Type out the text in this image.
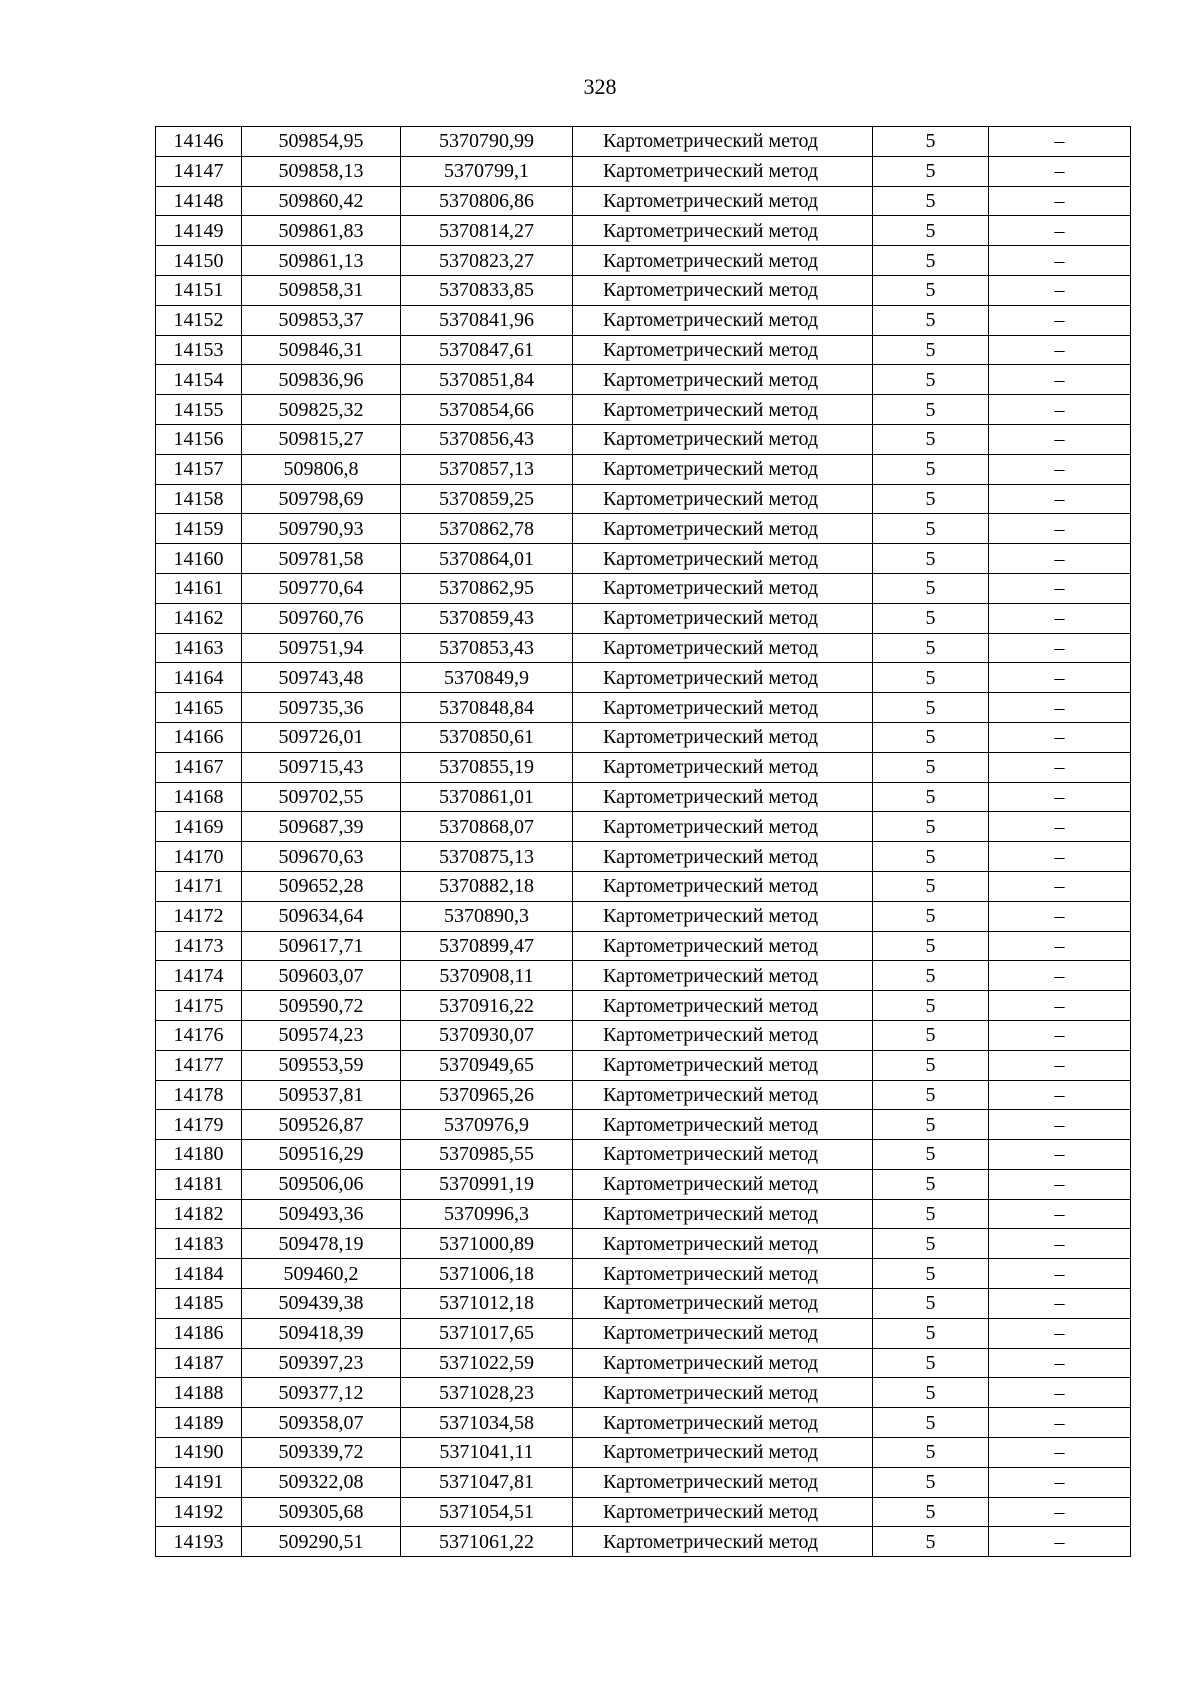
328
14146	509854,95	5370790,99	Картометрический метод	5	–
14147	509858,13	5370799,1	Картометрический метод	5	–
14148	509860,42	5370806,86	Картометрический метод	5	–
14149	509861,83	5370814,27	Картометрический метод	5	–
14150	509861,13	5370823,27	Картометрический метод	5	–
14151	509858,31	5370833,85	Картометрический метод	5	–
14152	509853,37	5370841,96	Картометрический метод	5	–
14153	509846,31	5370847,61	Картометрический метод	5	–
14154	509836,96	5370851,84	Картометрический метод	5	–
14155	509825,32	5370854,66	Картометрический метод	5	–
14156	509815,27	5370856,43	Картометрический метод	5	–
14157	509806,8	5370857,13	Картометрический метод	5	–
14158	509798,69	5370859,25	Картометрический метод	5	–
14159	509790,93	5370862,78	Картометрический метод	5	–
14160	509781,58	5370864,01	Картометрический метод	5	–
14161	509770,64	5370862,95	Картометрический метод	5	–
14162	509760,76	5370859,43	Картометрический метод	5	–
14163	509751,94	5370853,43	Картометрический метод	5	–
14164	509743,48	5370849,9	Картометрический метод	5	–
14165	509735,36	5370848,84	Картометрический метод	5	–
14166	509726,01	5370850,61	Картометрический метод	5	–
14167	509715,43	5370855,19	Картометрический метод	5	–
14168	509702,55	5370861,01	Картометрический метод	5	–
14169	509687,39	5370868,07	Картометрический метод	5	–
14170	509670,63	5370875,13	Картометрический метод	5	–
14171	509652,28	5370882,18	Картометрический метод	5	–
14172	509634,64	5370890,3	Картометрический метод	5	–
14173	509617,71	5370899,47	Картометрический метод	5	–
14174	509603,07	5370908,11	Картометрический метод	5	–
14175	509590,72	5370916,22	Картометрический метод	5	–
14176	509574,23	5370930,07	Картометрический метод	5	–
14177	509553,59	5370949,65	Картометрический метод	5	–
14178	509537,81	5370965,26	Картометрический метод	5	–
14179	509526,87	5370976,9	Картометрический метод	5	–
14180	509516,29	5370985,55	Картометрический метод	5	–
14181	509506,06	5370991,19	Картометрический метод	5	–
14182	509493,36	5370996,3	Картометрический метод	5	–
14183	509478,19	5371000,89	Картометрический метод	5	–
14184	509460,2	5371006,18	Картометрический метод	5	–
14185	509439,38	5371012,18	Картометрический метод	5	–
14186	509418,39	5371017,65	Картометрический метод	5	–
14187	509397,23	5371022,59	Картометрический метод	5	–
14188	509377,12	5371028,23	Картометрический метод	5	–
14189	509358,07	5371034,58	Картометрический метод	5	–
14190	509339,72	5371041,11	Картометрический метод	5	–
14191	509322,08	5371047,81	Картометрический метод	5	–
14192	509305,68	5371054,51	Картометрический метод	5	–
14193	509290,51	5371061,22	Картометрический метод	5	–
